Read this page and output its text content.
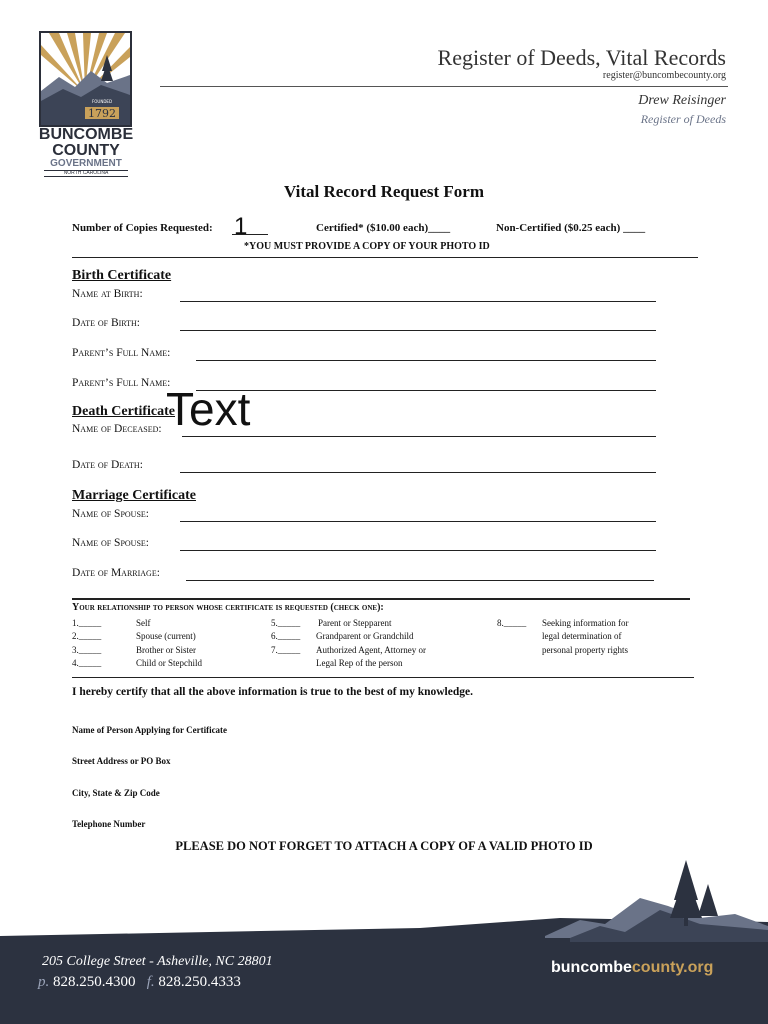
FOUNDED
1792
BUNCOMBE
COUNTY
GOVERNMENT
NORTH CAROLINA
Register of Deeds, Vital Records
register@buncombecounty.org
Drew Reisinger
Register of Deeds
Vital Record Request Form
Number of Copies Requested: 1	Certified* ($10.00 each)____	Non-Certified ($0.25 each) ____
*YOU MUST PROVIDE A COPY OF YOUR PHOTO ID
Birth Certificate
Name at Birth:
Date of Birth:
Parent’s Full Name:
Parent’s Full Name:
Death Certificate
Name of Deceased: Text
Date of Death:
Marriage Certificate
Name of Spouse:
Name of Spouse:
Date of Marriage:
Your relationship to person whose certificate is requested (check one):
1._____	Self
2._____	Spouse (current)
3._____	Brother or Sister
4._____	Child or Stepchild
5._____ Parent or Stepparent
6._____ Grandparent or Grandchild
7._____ Authorized Agent, Attorney or
Legal Rep of the person
8._____ Seeking information for
legal determination of
personal property rights
I hereby certify that all the above information is true to the best of my knowledge.
Name of Person Applying for Certificate
Street Address or PO Box
City, State & Zip Code
Telephone Number
PLEASE DO NOT FORGET TO ATTACH A COPY OF A VALID PHOTO ID
205 College Street - Asheville, NC 28801
p. 828.250.4300 f. 828.250.4333
buncombecounty.org
